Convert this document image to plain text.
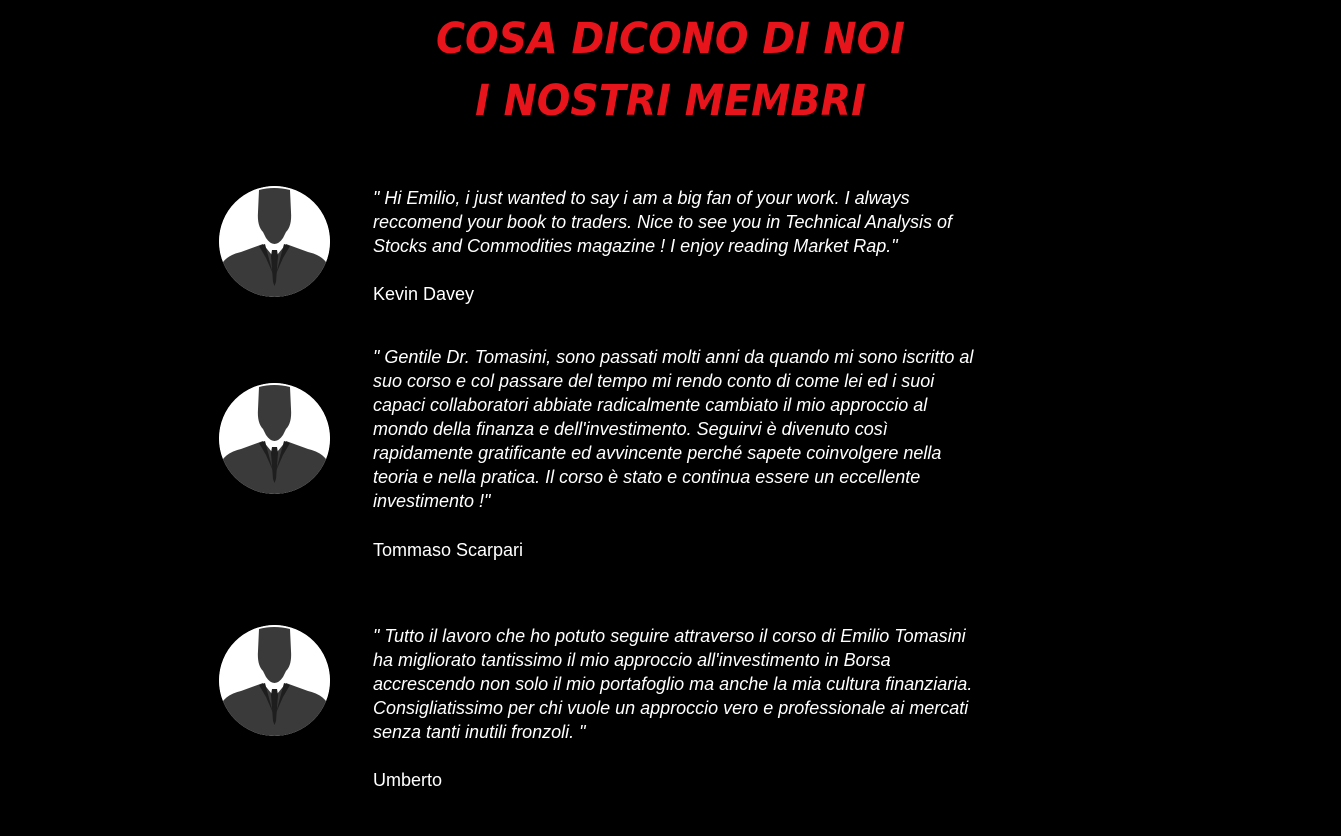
COSA DICONO DI NOI
I NOSTRI MEMBRI
" Hi Emilio, i just wanted to say i am a big fan of your work. I always
reccomend your book to traders. Nice to see you in Technical Analysis of
Stocks and Commodities magazine ! I enjoy reading Market Rap."
Kevin Davey
" Gentile Dr. Tomasini, sono passati molti anni da quando mi sono iscritto al
suo corso e col passare del tempo mi rendo conto di come lei ed i suoi
capaci collaboratori abbiate radicalmente cambiato il mio approccio al
mondo della finanza e dell'investimento. Seguirvi è divenuto così
rapidamente gratificante ed avvincente perché sapete coinvolgere nella
teoria e nella pratica. Il corso è stato e continua essere un eccellente
investimento !"
Tommaso Scarpari
" Tutto il lavoro che ho potuto seguire attraverso il corso di Emilio Tomasini
ha migliorato tantissimo il mio approccio all'investimento in Borsa
accrescendo non solo il mio portafoglio ma anche la mia cultura finanziaria.
Consigliatissimo per chi vuole un approccio vero e professionale ai mercati
senza tanti inutili fronzoli. "
Umberto
